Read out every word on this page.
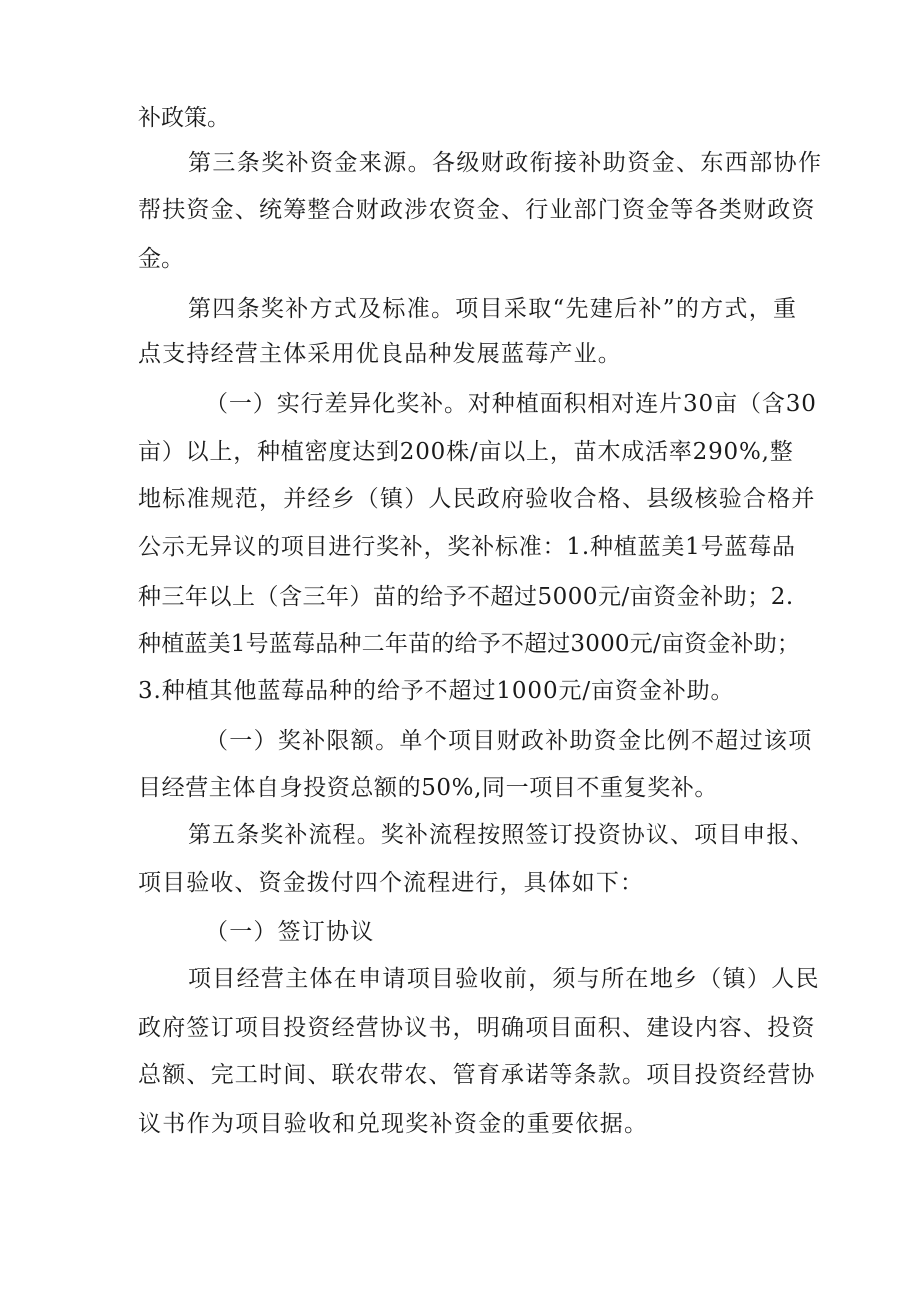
补政策。
第三条奖补资金来源。各级财政衔接补助资金、东西部协作
帮扶资金、统筹整合财政涉农资金、行业部门资金等各类财政资
金。
第四条奖补方式及标准。项目采取“先建后补”的方式，重
点支持经营主体采用优良品种发展蓝莓产业。
（一）实行差异化奖补。对种植面积相对连片30亩（含30
亩）以上，种植密度达到200株/亩以上，苗木成活率290%,整
地标准规范，并经乡（镇）人民政府验收合格、县级核验合格并
公示无异议的项目进行奖补，奖补标准：1.种植蓝美1号蓝莓品
种三年以上（含三年）苗的给予不超过5000元/亩资金补助；2.
种植蓝美1号蓝莓品种二年苗的给予不超过3000元/亩资金补助；
3.种植其他蓝莓品种的给予不超过1000元/亩资金补助。
（一）奖补限额。单个项目财政补助资金比例不超过该项
目经营主体自身投资总额的50%,同一项目不重复奖补。
第五条奖补流程。奖补流程按照签订投资协议、项目申报、
项目验收、资金拨付四个流程进行，具体如下：
（一）签订协议
项目经营主体在申请项目验收前，须与所在地乡（镇）人民
政府签订项目投资经营协议书，明确项目面积、建设内容、投资
总额、完工时间、联农带农、管育承诺等条款。项目投资经营协
议书作为项目验收和兑现奖补资金的重要依据。
